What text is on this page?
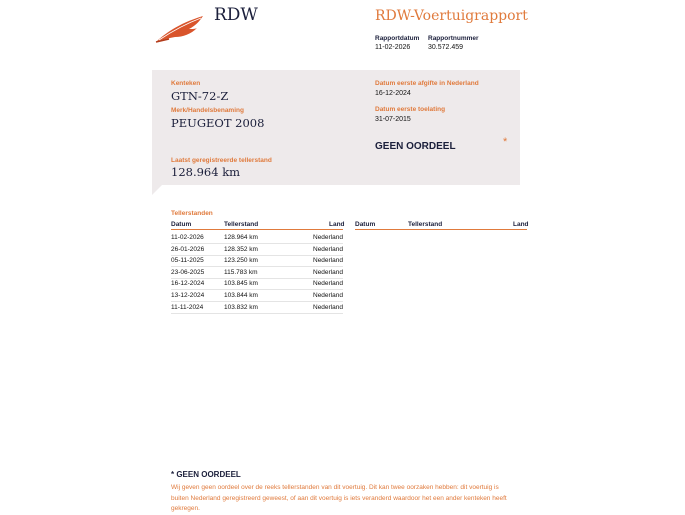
RDW	RDW-Voertuigrapport
Rapportdatum
11-02-2026
Rapportnummer
30.572.459
Kenteken
GTN-72-Z
Merk/Handelsbenaming
PEUGEOT 2008
Laatst geregistreerde tellerstand
128.964 km
Datum eerste afgifte in Nederland
16-12-2024
Datum eerste toelating
31-07-2015
GEEN OORDEEL	*
Tellerstanden
Datum	Tellerstand	Land Datum	Tellerstand	Land
11-02-2026	128.964 km	Nederland
26-01-2026	128.352 km	Nederland
05-11-2025	123.250 km	Nederland
23-06-2025	115.783 km	Nederland
16-12-2024	103.845 km	Nederland
13-12-2024	103.844 km	Nederland
11-11-2024	103.832 km	Nederland
* GEEN OORDEEL
Wij geven geen oordeel over de reeks tellerstanden van dit voertuig. Dit kan twee oorzaken hebben: dit voertuig is buiten Nederland geregistreerd geweest, of aan dit voertuig is iets veranderd waardoor het een ander kenteken heeft gekregen.
